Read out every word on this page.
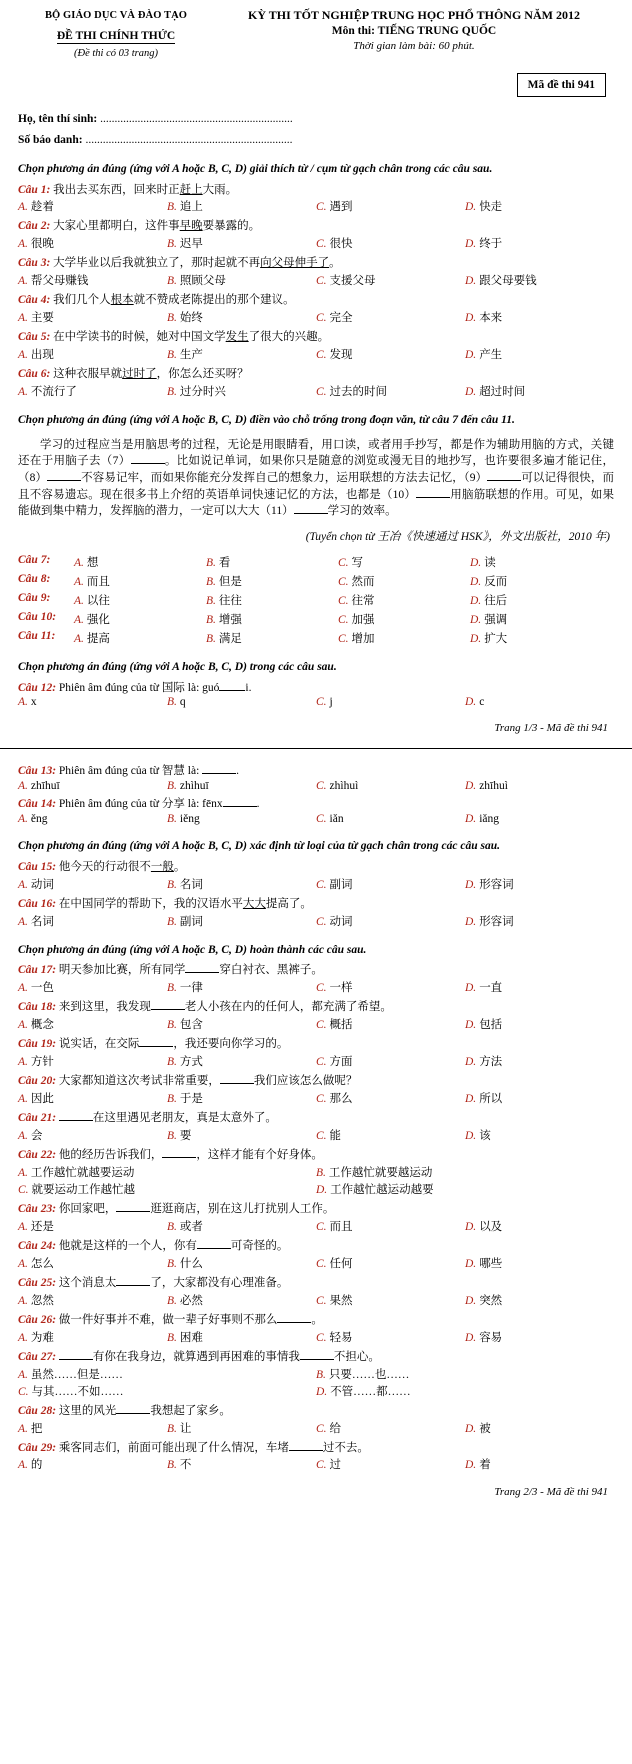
BỘ GIÁO DỤC VÀ ĐÀO TẠO
ĐỀ THI CHÍNH THỨC
(Đề thi có 03 trang)
KỲ THI TỐT NGHIỆP TRUNG HỌC PHỔ THÔNG NĂM 2012
Môn thi: TIẾNG TRUNG QUỐC
Thời gian làm bài: 60 phút.
Mã đề thi 941
Họ, tên thí sinh: ...................................................................
Số báo danh: ........................................................................
Chọn phương án đúng (ứng với A hoặc B, C, D) giải thích từ / cụm từ gạch chân trong các câu sau.
Câu 1: 我出去买东西，回来时正赶上大雨。
A. 趁着	B. 追上	C. 遇到	D. 快走
Câu 2: 大家心里都明白，这件事早晚要暴露的。
A. 很晚	B. 迟早	C. 很快	D. 终于
Câu 3: 大学毕业以后我就独立了，那时起就不再向父母伸手了。
A. 帮父母赚钱	B. 照顾父母	C. 支援父母	D. 跟父母要钱
Câu 4: 我们几个人根本就不赞成老陈提出的那个建议。
A. 主要	B. 始终	C. 完全	D. 本来
Câu 5: 在中学读书的时候，她对中国文学发生了很大的兴趣。
A. 出现	B. 生产	C. 发现	D. 产生
Câu 6: 这种衣服早就过时了，你怎么还买呀？
A. 不流行了	B. 过分时兴	C. 过去的时间	D. 超过时间
Chọn phương án đúng (ứng với A hoặc B, C, D) điền vào chỗ trống trong đoạn văn, từ câu 7 đến câu 11.
学习的过程应当是用脑思考的过程，无论是用眼睛看，用口读，或者用手抄写，都是作为辅助用脑的方式，关键还在于用脑子去（7）	。比如说记单词，如果你只是随意的浏览或漫无目的地抄写，也许要很多遍才能记住，（8）	不容易记牢，而如果你能充分发挥自己的想象力，运用联想的方法去记忆，（9）	可以记得很快，而且不容易遗忘。现在很多书上介绍的英语单词快速记忆的方法，也都是（10）	用脑筋联想的作用。可见，如果能做到集中精力，发挥脑的潜力，一定可以大大（11）	学习的效率。
(Tuyển chọn từ 王冶《快速通过 HSK》，外文出版社，2010 年)
Câu 7:	A. 想	B. 看	C. 写	D. 读
Câu 8:	A. 而且	B. 但是	C. 然而	D. 反而
Câu 9:	A. 以往	B. 往往	C. 往常	D. 往后
Câu 10:	A. 强化	B. 增强	C. 加强	D. 强调
Câu 11:	A. 提高	B. 满足	C. 增加	D. 扩大
Chọn phương án đúng (ứng với A hoặc B, C, D) trong các câu sau.
Câu 12: Phiên âm đúng của từ 国际 là: guó i.
A. x	B. q	C. j	D. c
Trang 1/3 - Mã đề thi 941
Câu 13: Phiên âm đúng của từ 智慧 là:	.
A. zhīhuī	B. zhìhuī	C. zhìhuì	D. zhīhuì
Câu 14: Phiên âm đúng của từ 分享 là: fēnx	.
A. ěng	B. iěng	C. iǎn	D. iǎng
Chọn phương án đúng (ứng với A hoặc B, C, D) xác định từ loại của từ gạch chân trong các câu sau.
Câu 15: 他今天的行动很不一般。
A. 动词	B. 名词	C. 副词	D. 形容词
Câu 16: 在中国同学的帮助下，我的汉语水平大大提高了。
A. 名词	B. 副词	C. 动词	D. 形容词
Chọn phương án đúng (ứng với A hoặc B, C, D) hoàn thành các câu sau.
Câu 17: 明天参加比赛，所有同学	穿白衬衣、黑裤子。
A. 一色	B. 一律	C. 一样	D. 一直
Câu 18: 来到这里，我发现	老人小孩在内的任何人，都充满了希望。
A. 概念	B. 包含	C. 概括	D. 包括
Câu 19: 说实话，在交际	，我还要向你学习的。
A. 方针	B. 方式	C. 方面	D. 方法
Câu 20: 大家都知道这次考试非常重要，	我们应该怎么做呢？
A. 因此	B. 于是	C. 那么	D. 所以
Câu 21:	在这里遇见老朋友，真是太意外了。
A. 会	B. 要	C. 能	D. 该
Câu 22: 他的经历告诉我们，	，这样才能有个好身体。
A. 工作越忙就越要运动	B. 工作越忙就要越运动
C. 就要运动工作越忙越	D. 工作越忙越运动越要
Câu 23: 你回家吧，	逛逛商店，别在这儿打扰别人工作。
A. 还是	B. 或者	C. 而且	D. 以及
Câu 24: 他就是这样的一个人，你有	可奇怪的。
A. 怎么	B. 什么	C. 任何	D. 哪些
Câu 25: 这个消息太	了，大家都没有心理准备。
A. 忽然	B. 必然	C. 果然	D. 突然
Câu 26: 做一件好事并不难，做一辈子好事则不那么	。
A. 为难	B. 困难	C. 轻易	D. 容易
Câu 27:	有你在我身边，就算遇到再困难的事情我	不担心。
A. 虽然……但是……	B. 只要……也……
C. 与其……不如……	D. 不管……都……
Câu 28: 这里的风光	我想起了家乡。
A. 把	B. 让	C. 给	D. 被
Câu 29: 乘客同志们，前面可能出现了什么情况，车堵	过不去。
A. 的	B. 不	C. 过	D. 着
Trang 2/3 - Mã đề thi 941
